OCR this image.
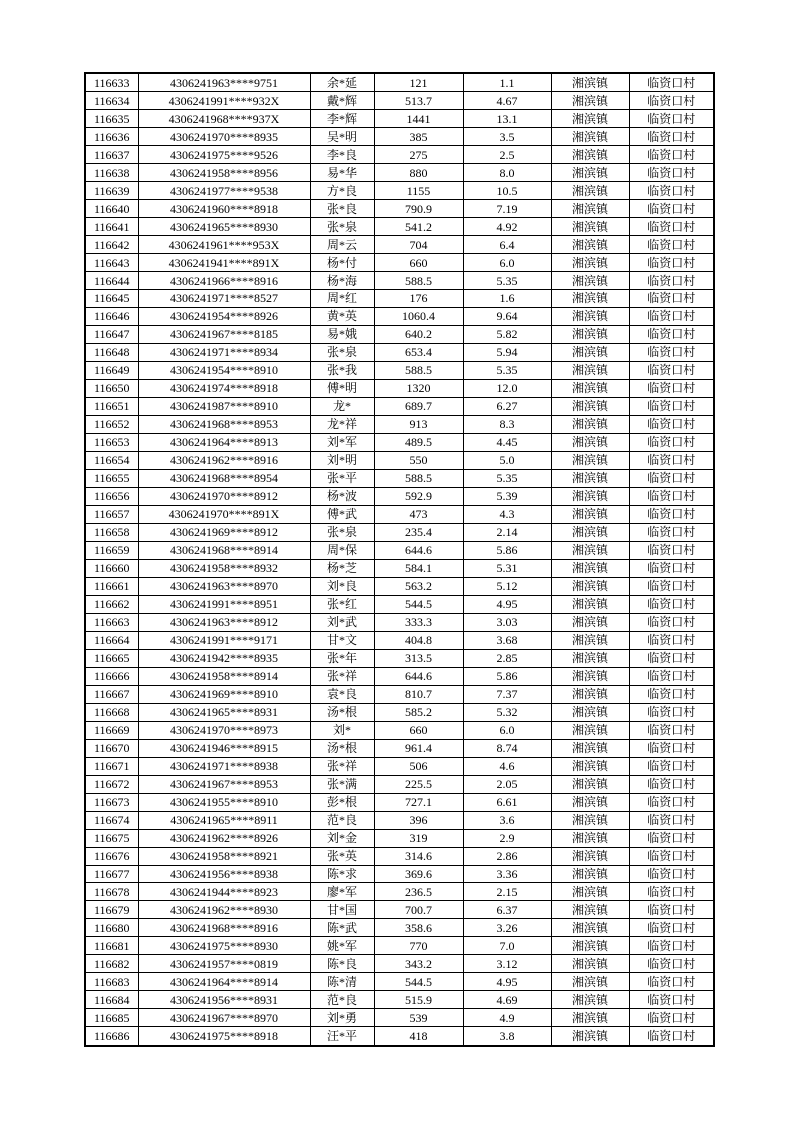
116633	4306241963****9751	余*延	121	1.1	湘滨镇	临资口村
116634	4306241991****932X	戴*辉	513.7	4.67	湘滨镇	临资口村
116635	4306241968****937X	李*辉	1441	13.1	湘滨镇	临资口村
116636	4306241970****8935	吴*明	385	3.5	湘滨镇	临资口村
116637	4306241975****9526	李*良	275	2.5	湘滨镇	临资口村
116638	4306241958****8956	易*华	880	8.0	湘滨镇	临资口村
116639	4306241977****9538	方*良	1155	10.5	湘滨镇	临资口村
116640	4306241960****8918	张*良	790.9	7.19	湘滨镇	临资口村
116641	4306241965****8930	张*泉	541.2	4.92	湘滨镇	临资口村
116642	4306241961****953X	周*云	704	6.4	湘滨镇	临资口村
116643	4306241941****891X	杨*付	660	6.0	湘滨镇	临资口村
116644	4306241966****8916	杨*海	588.5	5.35	湘滨镇	临资口村
116645	4306241971****8527	周*红	176	1.6	湘滨镇	临资口村
116646	4306241954****8926	黄*英	1060.4	9.64	湘滨镇	临资口村
116647	4306241967****8185	易*娥	640.2	5.82	湘滨镇	临资口村
116648	4306241971****8934	张*泉	653.4	5.94	湘滨镇	临资口村
116649	4306241954****8910	张*我	588.5	5.35	湘滨镇	临资口村
116650	4306241974****8918	傅*明	1320	12.0	湘滨镇	临资口村
116651	4306241987****8910	龙*	689.7	6.27	湘滨镇	临资口村
116652	4306241968****8953	龙*祥	913	8.3	湘滨镇	临资口村
116653	4306241964****8913	刘*军	489.5	4.45	湘滨镇	临资口村
116654	4306241962****8916	刘*明	550	5.0	湘滨镇	临资口村
116655	4306241968****8954	张*平	588.5	5.35	湘滨镇	临资口村
116656	4306241970****8912	杨*波	592.9	5.39	湘滨镇	临资口村
116657	4306241970****891X	傅*武	473	4.3	湘滨镇	临资口村
116658	4306241969****8912	张*泉	235.4	2.14	湘滨镇	临资口村
116659	4306241968****8914	周*保	644.6	5.86	湘滨镇	临资口村
116660	4306241958****8932	杨*芝	584.1	5.31	湘滨镇	临资口村
116661	4306241963****8970	刘*良	563.2	5.12	湘滨镇	临资口村
116662	4306241991****8951	张*红	544.5	4.95	湘滨镇	临资口村
116663	4306241963****8912	刘*武	333.3	3.03	湘滨镇	临资口村
116664	4306241991****9171	甘*文	404.8	3.68	湘滨镇	临资口村
116665	4306241942****8935	张*年	313.5	2.85	湘滨镇	临资口村
116666	4306241958****8914	张*祥	644.6	5.86	湘滨镇	临资口村
116667	4306241969****8910	袁*良	810.7	7.37	湘滨镇	临资口村
116668	4306241965****8931	汤*根	585.2	5.32	湘滨镇	临资口村
116669	4306241970****8973	刘*	660	6.0	湘滨镇	临资口村
116670	4306241946****8915	汤*根	961.4	8.74	湘滨镇	临资口村
116671	4306241971****8938	张*祥	506	4.6	湘滨镇	临资口村
116672	4306241967****8953	张*满	225.5	2.05	湘滨镇	临资口村
116673	4306241955****8910	彭*根	727.1	6.61	湘滨镇	临资口村
116674	4306241965****8911	范*良	396	3.6	湘滨镇	临资口村
116675	4306241962****8926	刘*金	319	2.9	湘滨镇	临资口村
116676	4306241958****8921	张*英	314.6	2.86	湘滨镇	临资口村
116677	4306241956****8938	陈*求	369.6	3.36	湘滨镇	临资口村
116678	4306241944****8923	廖*军	236.5	2.15	湘滨镇	临资口村
116679	4306241962****8930	甘*国	700.7	6.37	湘滨镇	临资口村
116680	4306241968****8916	陈*武	358.6	3.26	湘滨镇	临资口村
116681	4306241975****8930	姚*军	770	7.0	湘滨镇	临资口村
116682	4306241957****0819	陈*良	343.2	3.12	湘滨镇	临资口村
116683	4306241964****8914	陈*清	544.5	4.95	湘滨镇	临资口村
116684	4306241956****8931	范*良	515.9	4.69	湘滨镇	临资口村
116685	4306241967****8970	刘*勇	539	4.9	湘滨镇	临资口村
116686	4306241975****8918	汪*平	418	3.8	湘滨镇	临资口村
